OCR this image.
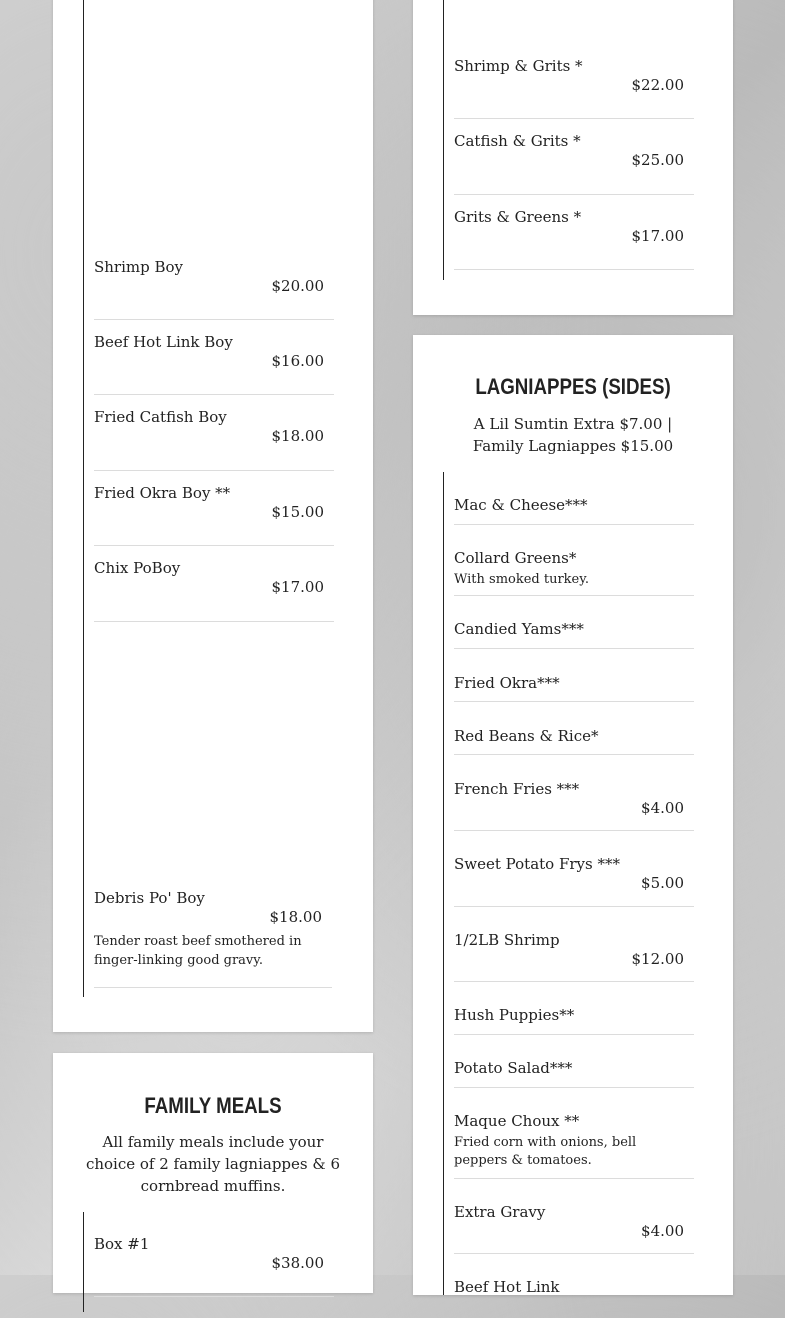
Shrimp Boy
$20.00
Beef Hot Link Boy
$16.00
Fried Catfish Boy
$18.00
Fried Okra Boy **
$15.00
Chix PoBoy
$17.00
Debris Po' Boy
$18.00
Tender roast beef smothered in finger-linking good gravy.
FAMILY MEALS
All family meals include your choice of 2 family lagniappes & 6 cornbread muffins.
Box #1
$38.00
Shrimp & Grits *
$22.00
Catfish & Grits *
$25.00
Grits & Greens *
$17.00
LAGNIAPPES (SIDES)
A Lil Sumtin Extra $7.00 | Family Lagniappes $15.00
Mac & Cheese***
Collard Greens*
With smoked turkey.
Candied Yams***
Fried Okra***
Red Beans & Rice*
French Fries ***
$4.00
Sweet Potato Frys ***
$5.00
1/2LB Shrimp
$12.00
Hush Puppies**
Potato Salad***
Maque Choux **
Fried corn with onions, bell peppers & tomatoes.
Extra Gravy
$4.00
Beef Hot Link
